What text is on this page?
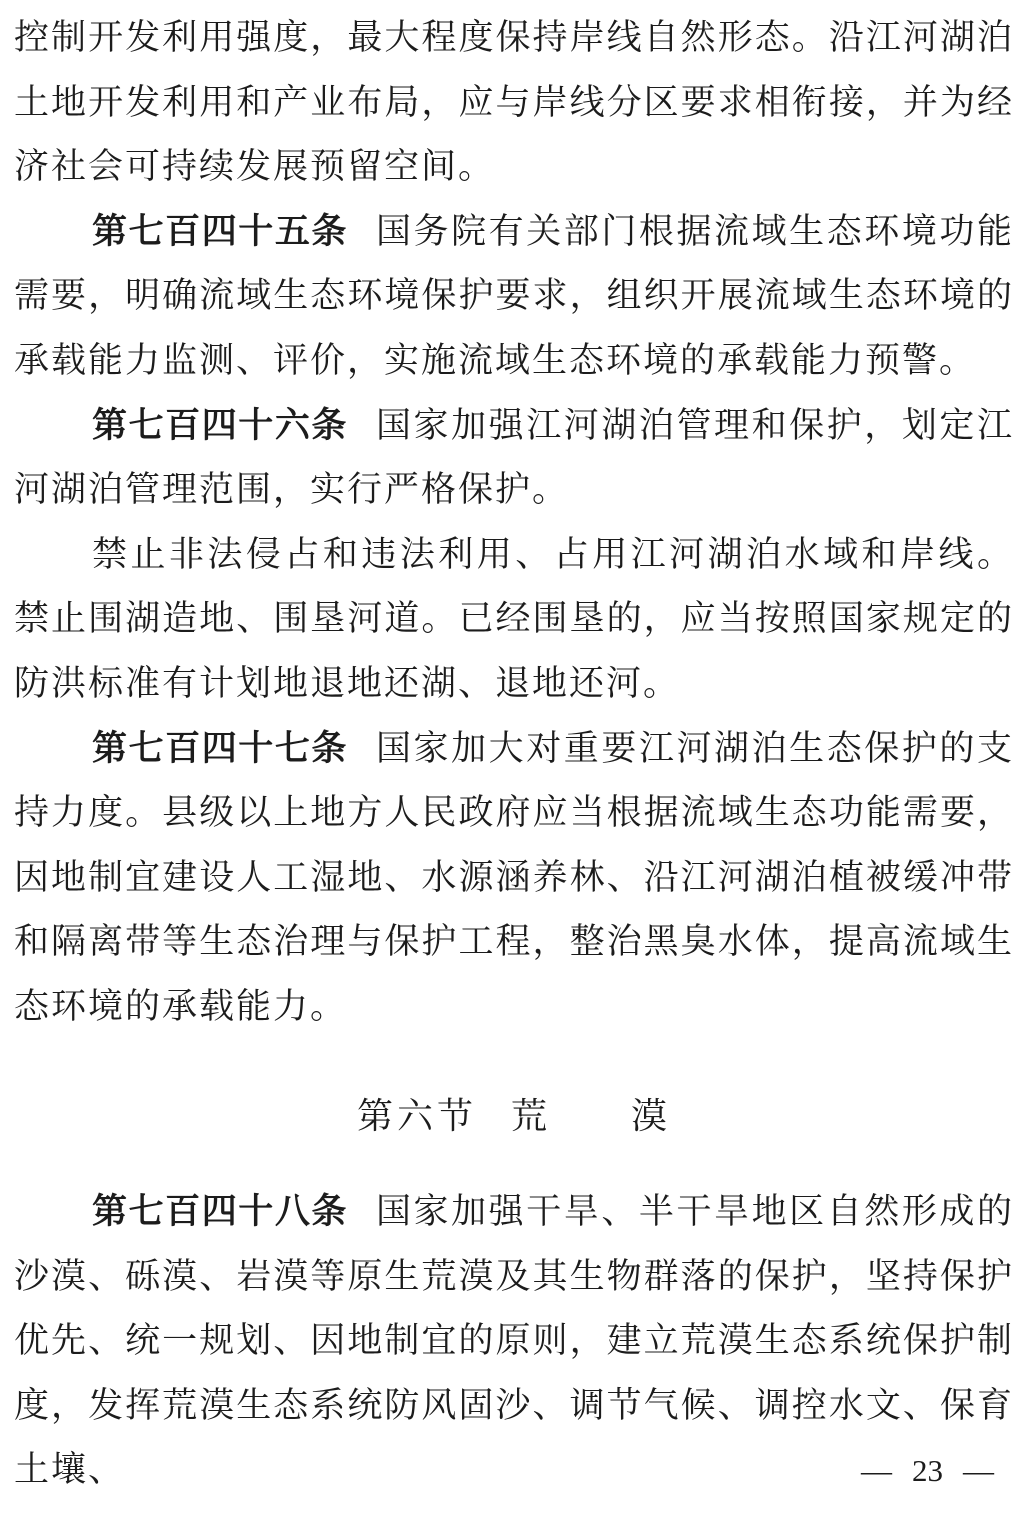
控制开发利用强度，最大程度保持岸线自然形态。沿江河湖泊土地开发利用和产业布局，应与岸线分区要求相衔接，并为经济社会可持续发展预留空间。

第七百四十五条 国务院有关部门根据流域生态环境功能需要，明确流域生态环境保护要求，组织开展流域生态环境的承载能力监测、评价，实施流域生态环境的承载能力预警。

第七百四十六条 国家加强江河湖泊管理和保护，划定江河湖泊管理范围，实行严格保护。

禁止非法侵占和违法利用、占用江河湖泊水域和岸线。禁止围湖造地、围垦河道。已经围垦的，应当按照国家规定的防洪标准有计划地退地还湖、退地还河。

第七百四十七条 国家加大对重要江河湖泊生态保护的支持力度。县级以上地方人民政府应当根据流域生态功能需要，因地制宜建设人工湿地、水源涵养林、沿江河湖泊植被缓冲带和隔离带等生态治理与保护工程，整治黑臭水体，提高流域生态环境的承载能力。

第六节 荒　　漠

第七百四十八条 国家加强干旱、半干旱地区自然形成的沙漠、砾漠、岩漠等原生荒漠及其生物群落的保护，坚持保护优先、统一规划、因地制宜的原则，建立荒漠生态系统保护制度，发挥荒漠生态系统防风固沙、调节气候、调控水文、保育土壤、	— 23 —
